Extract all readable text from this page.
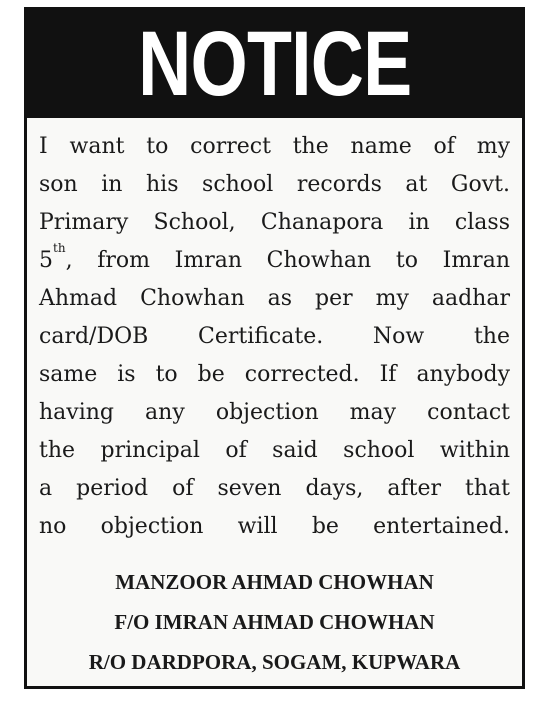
NOTICE
I want to correct the name of my
son in his school records at Govt.
Primary School, Chanapora in class
5th, from Imran Chowhan to Imran
Ahmad Chowhan as per my aadhar
card/DOB Certificate. Now the
same is to be corrected. If anybody
having any objection may contact
the principal of said school within
a period of seven days, after that
no objection will be entertained.
MANZOOR AHMAD CHOWHAN
F/O IMRAN AHMAD CHOWHAN
R/O DARDPORA, SOGAM, KUPWARA
